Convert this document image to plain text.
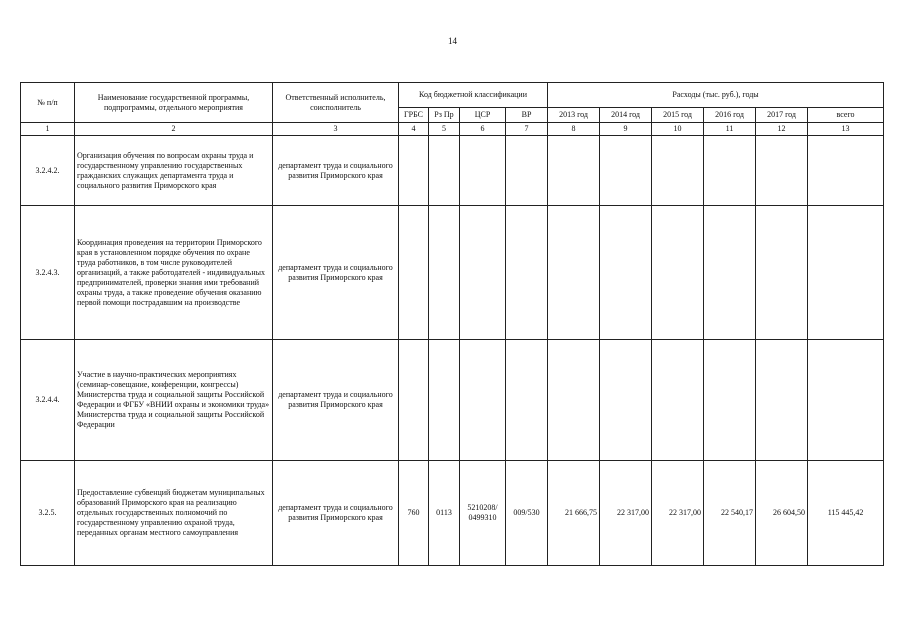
14
№ п/п	Наименование государственной программы, подпрограммы, отдельного мероприятия	Ответственный исполнитель, соисполнитель	Код бюджетной классификации				Расходы (тыс. руб.), годы					
			ГРБС	Рз Пр	ЦСР	ВР	2013 год	2014 год	2015 год	2016 год	2017 год	всего
1	2	3	4	5	6	7	8	9	10	11	12	13
3.2.4.2.	Организация обучения по вопросам охраны труда и государственному управлению государственных гражданских служащих департамента труда и социального развития Приморского края	департамент труда и социального развития Приморского края										
3.2.4.3.	Координация проведения на территории Приморского края в установленном порядке обучения по охране труда работников, в том числе руководителей организаций, а также работодателей - индивидуальных предпринимателей, проверки знания ими требований охраны труда, а также проведение обучения оказанию первой помощи пострадавшим на производстве	департамент труда и социального развития Приморского края										
3.2.4.4.	Участие в научно-практических мероприятиях (семинар-совещание, конференции, конгрессы) Министерства труда и социальной защиты Российской Федерации и ФГБУ «ВНИИ охраны и экономики труда» Министерства труда и социальной защиты Российской Федерации	департамент труда и социального развития Приморского края										
3.2.5.	Предоставление субвенций бюджетам муниципальных образований Приморского края на реализацию отдельных государственных полномочий по государственному управлению охраной труда, переданных органам местного самоуправления	департамент труда и социального развития Приморского края	760	0113	5210208/ 0499310	009/530	21 666,75	22 317,00	22 317,00	22 540,17	26 604,50	115 445,42
